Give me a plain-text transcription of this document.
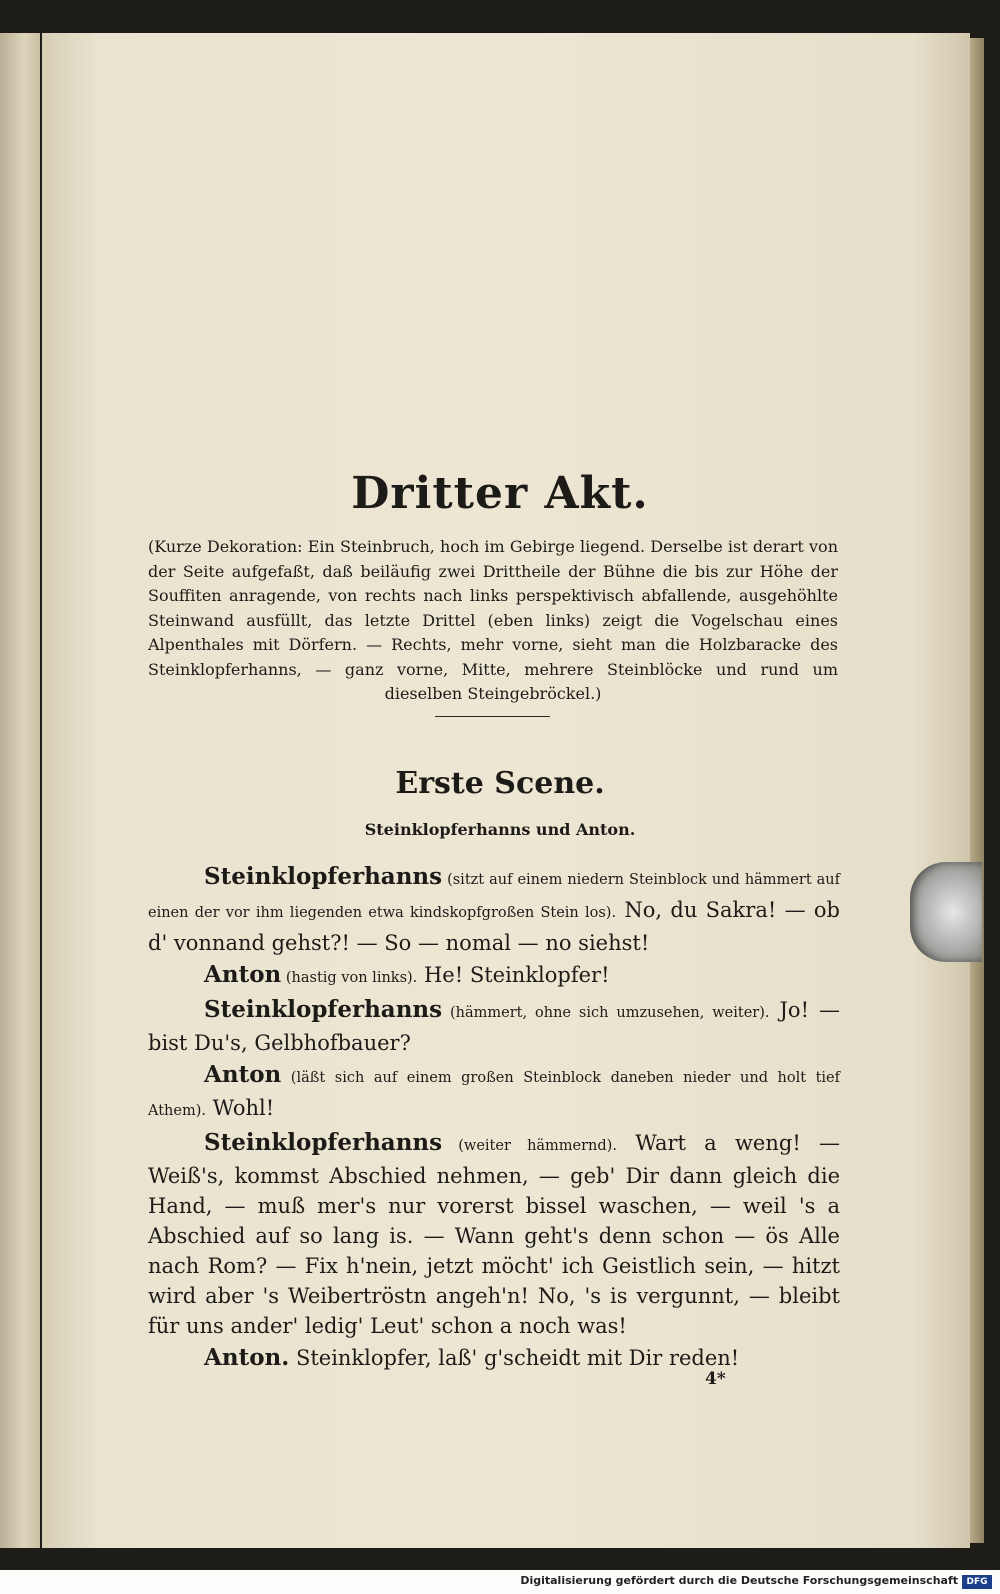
Dritter Akt.
(Kurze Dekoration: Ein Steinbruch, hoch im Gebirge liegend. Derselbe ist derart von der Seite aufgefaßt, daß beiläufig zwei Drittheile der Bühne die bis zur Höhe der Souffiten anragende, von rechts nach links perspektivisch abfallende, ausgehöhlte Steinwand ausfüllt, das letzte Drittel (eben links) zeigt die Vogelschau eines Alpenthales mit Dörfern. — Rechts, mehr vorne, sieht man die Holzbaracke des Steinklopferhanns, — ganz vorne, Mitte, mehrere Steinblöcke und rund um dieselben Steingebröckel.)
Erste Scene.
Steinklopferhanns und Anton.

Steinklopferhanns (sitzt auf einem niedern Steinblock und hämmert auf einen der vor ihm liegenden etwa kindskopfgroßen Stein los). No, du Sakra! — ob d' vonnand gehst?! — So — nomal — no siehst!

Anton (hastig von links). He! Steinklopfer!

Steinklopferhanns (hämmert, ohne sich umzusehen, weiter). Jo! — bist Du's, Gelbhofbauer?

Anton (läßt sich auf einem großen Steinblock daneben nieder und holt tief Athem). Wohl!

Steinklopferhanns (weiter hämmernd). Wart a weng! — Weiß's, kommst Abschied nehmen, — geb' Dir dann gleich die Hand, — muß mer's nur vorerst bissel waschen, — weil 's a Abschied auf so lang is. — Wann geht's denn schon — ös Alle nach Rom? — Fix h'nein, jetzt möcht' ich Geistlich sein, — hitzt wird aber 's Weibertröstn angeh'n! No, 's is vergunnt, — bleibt für uns ander' ledig' Leut' schon a noch was!

Anton. Steinklopfer, laß' g'scheidt mit Dir reden!

4*
Digitalisierung gefördert durch die Deutsche Forschungsgemeinschaft DFG
